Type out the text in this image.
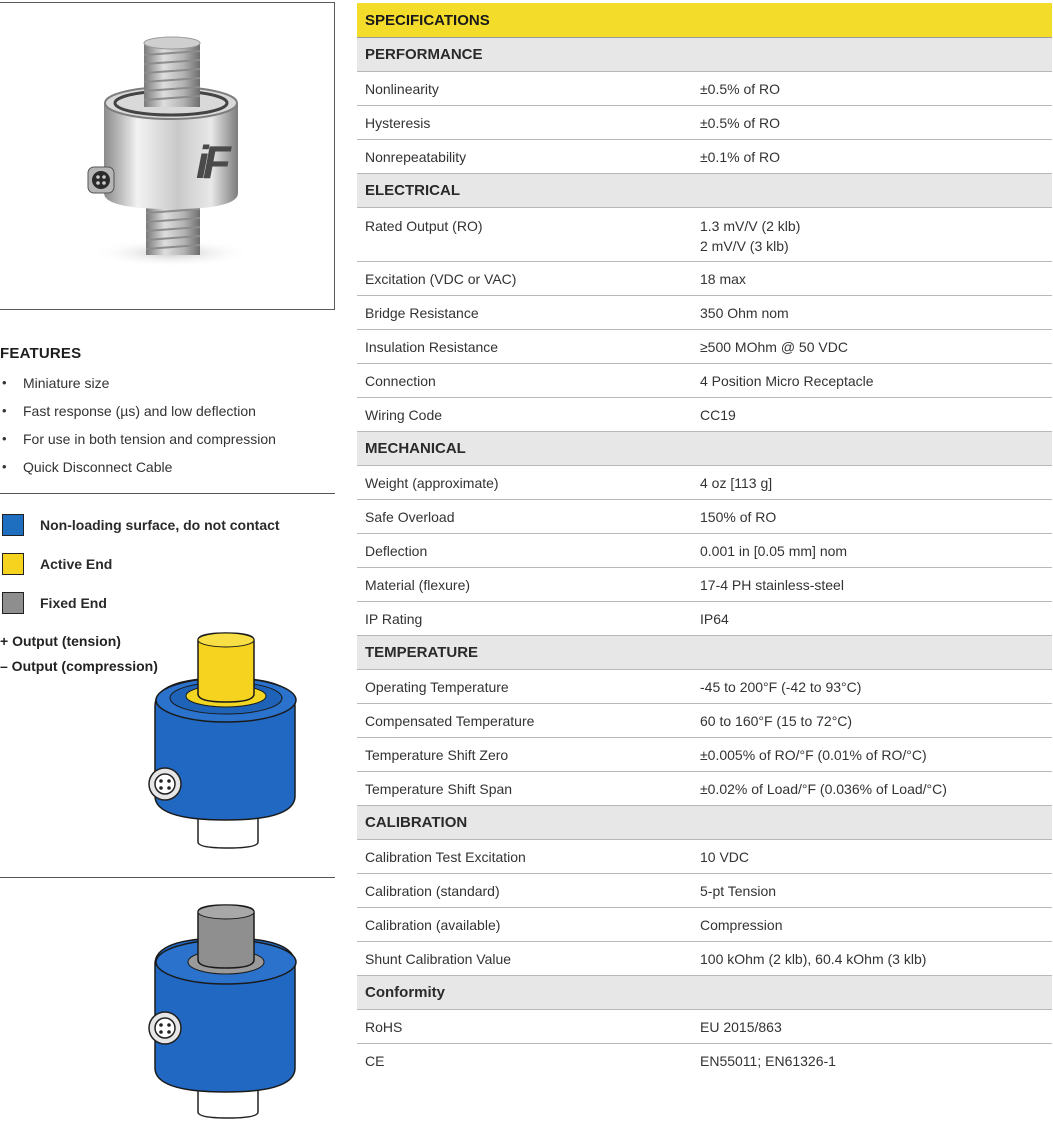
iF
FEATURES
• Miniature size
• Fast response (µs) and low deflection
• For use in both tension and compression
• Quick Disconnect Cable
Non-loading surface, do not contact
Active End
Fixed End
+ Output (tension)
– Output (compression)
SPECIFICATIONS
PERFORMANCE
Nonlinearity	±0.5% of RO
Hysteresis	±0.5% of RO
Nonrepeatability	±0.1% of RO
ELECTRICAL
Rated Output (RO)	1.3 mV/V (2 klb)
2 mV/V (3 klb)
Excitation (VDC or VAC)	18 max
Bridge Resistance	350 Ohm nom
Insulation Resistance	≥500 MOhm @ 50 VDC
Connection	4 Position Micro Receptacle
Wiring Code	CC19
MECHANICAL
Weight (approximate)	4 oz [113 g]
Safe Overload	150% of RO
Deflection	0.001 in [0.05 mm] nom
Material (flexure)	17-4 PH stainless-steel
IP Rating	IP64
TEMPERATURE
Operating Temperature	-45 to 200°F (-42 to 93°C)
Compensated Temperature	60 to 160°F (15 to 72°C)
Temperature Shift Zero	±0.005% of RO/°F (0.01% of RO/°C)
Temperature Shift Span	±0.02% of Load/°F (0.036% of Load/°C)
CALIBRATION
Calibration Test Excitation	10 VDC
Calibration (standard)	5-pt Tension
Calibration (available)	Compression
Shunt Calibration Value	100 kOhm (2 klb), 60.4 kOhm (3 klb)
Conformity
RoHS	EU 2015/863
CE	EN55011; EN61326-1
